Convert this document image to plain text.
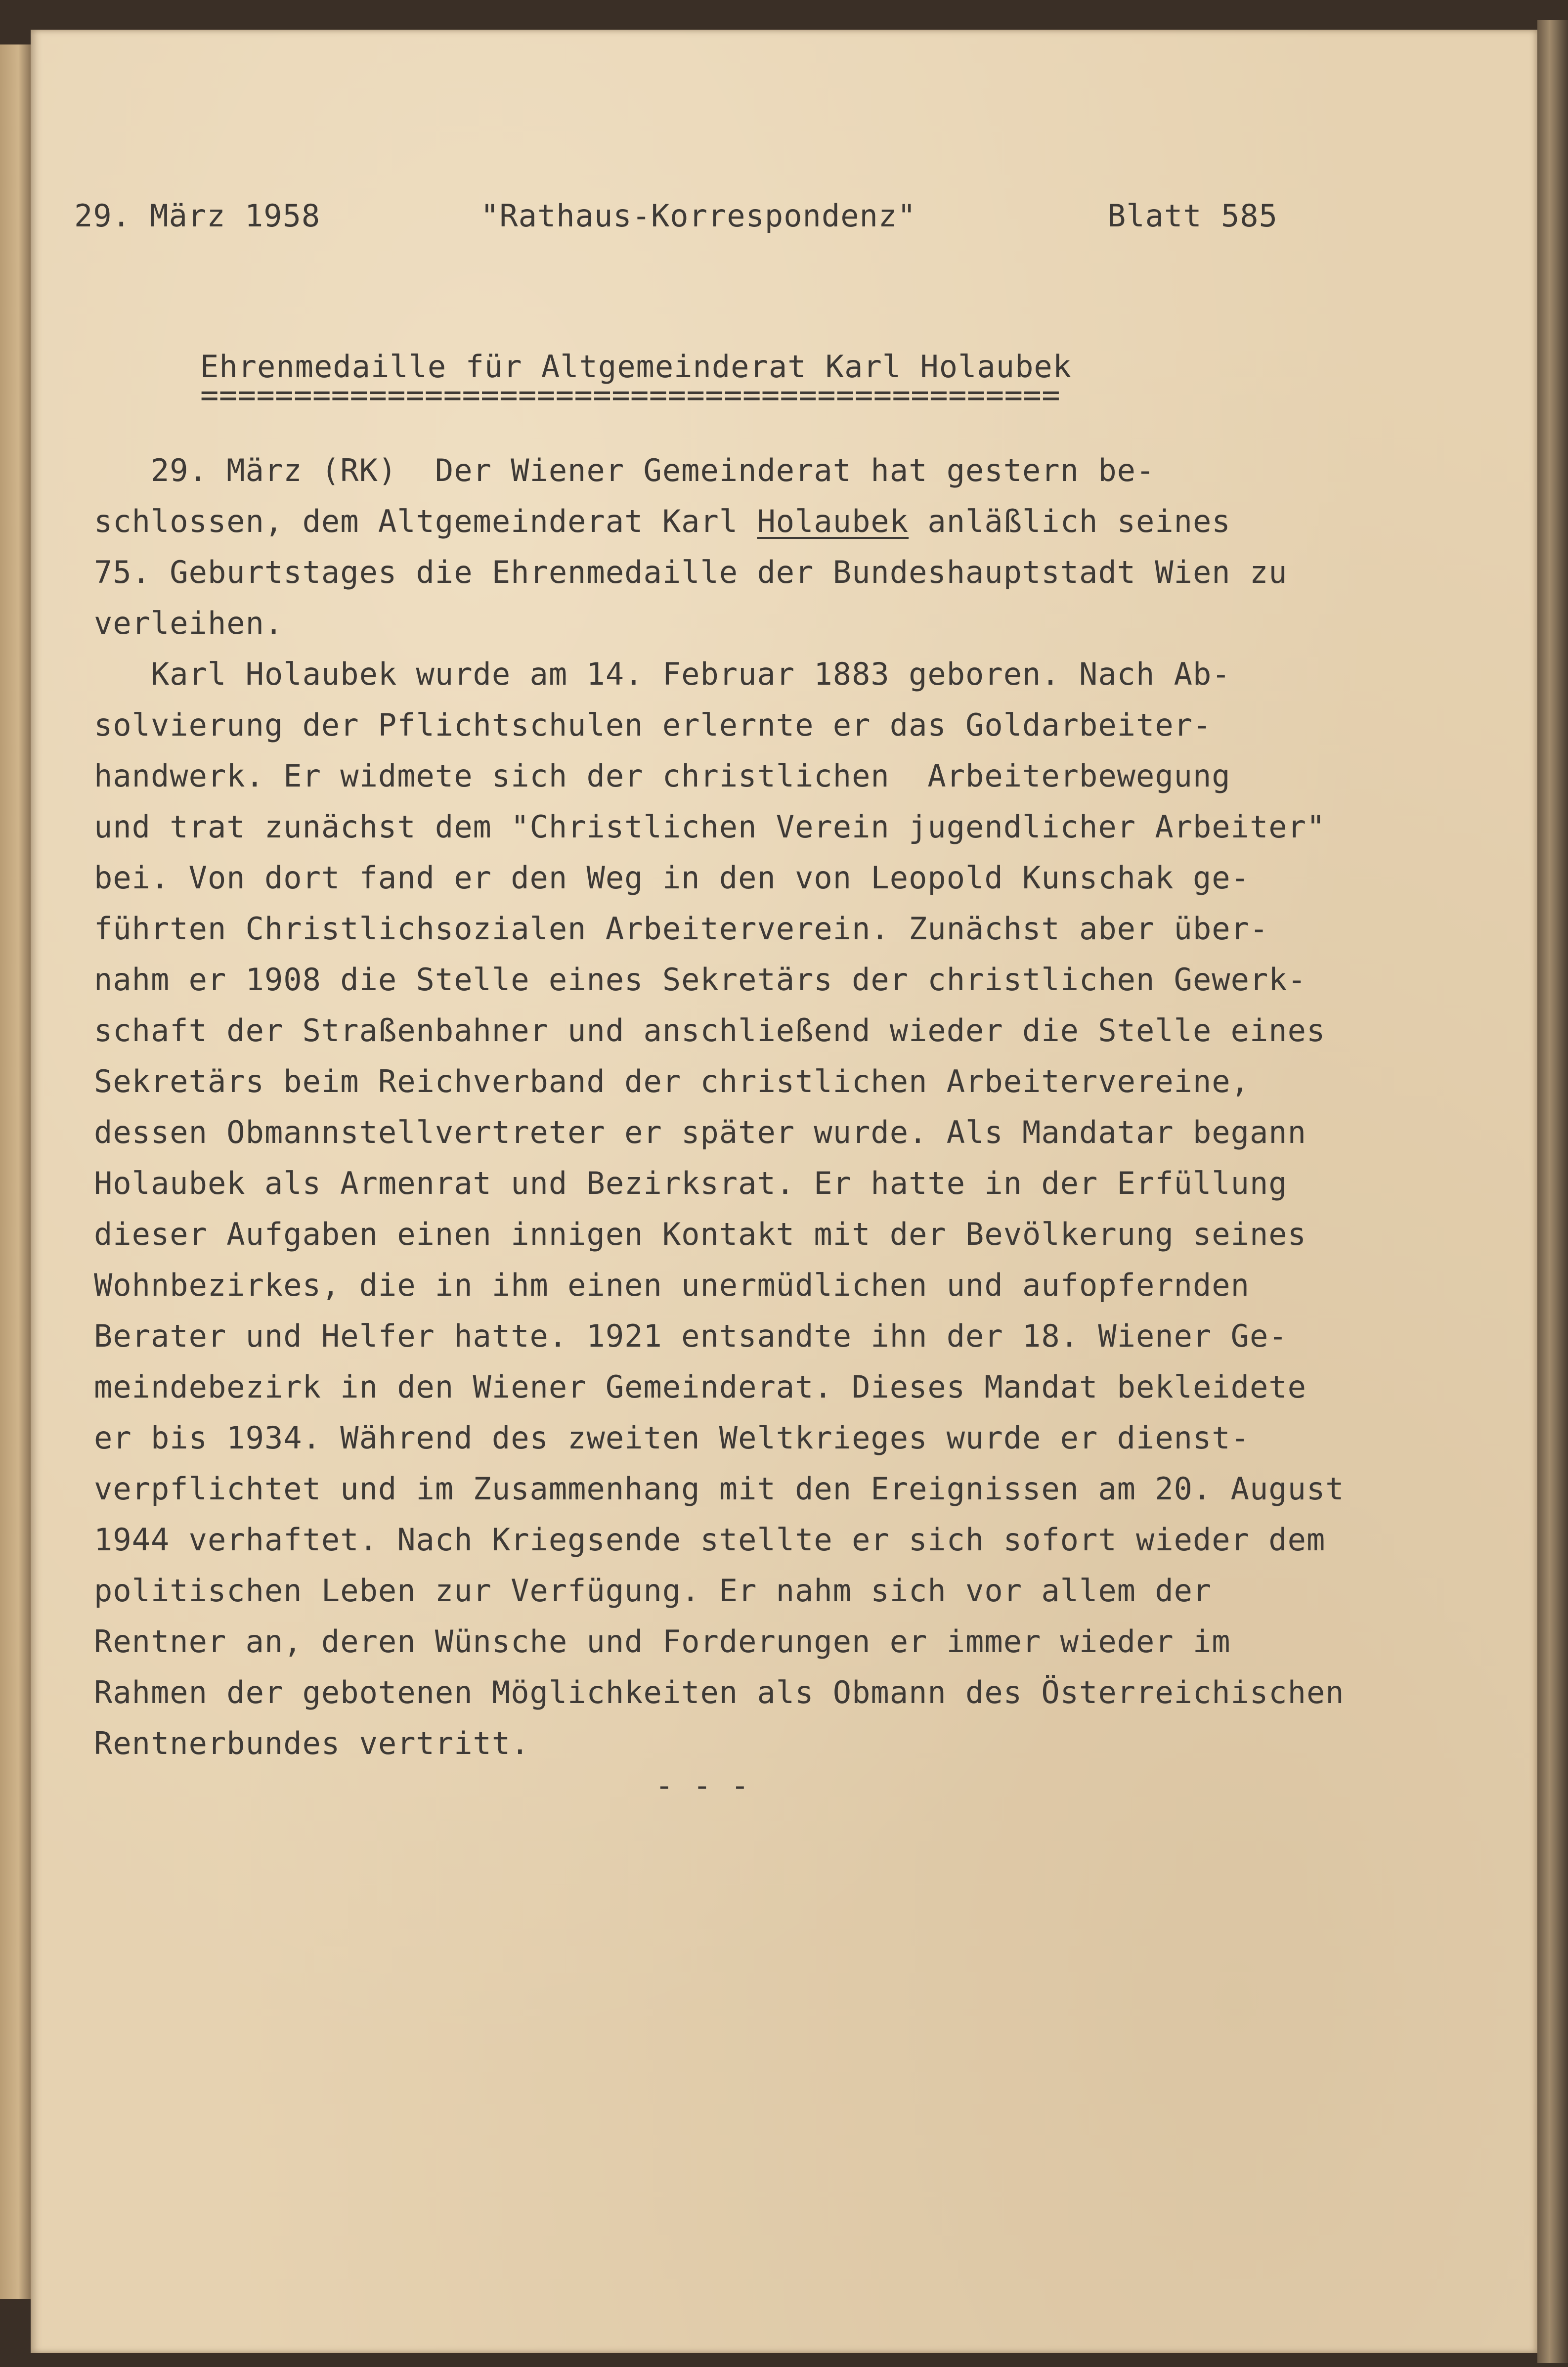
29. März 1958	"Rathaus-Korrespondenz"	Blatt 585
Ehrenmedaille für Altgemeinderat Karl Holaubek
==============================================
29. März (RK)  Der Wiener Gemeinderat hat gestern be-
schlossen, dem Altgemeinderat Karl Holaubek anläßlich seines
75. Geburtstages die Ehrenmedaille der Bundeshauptstadt Wien zu
verleihen.
Karl Holaubek wurde am 14. Februar 1883 geboren. Nach Ab-
solvierung der Pflichtschulen erlernte er das Goldarbeiter-
handwerk. Er widmete sich der christlichen  Arbeiterbewegung
und trat zunächst dem "Christlichen Verein jugendlicher Arbeiter"
bei. Von dort fand er den Weg in den von Leopold Kunschak ge-
führten Christlichsozialen Arbeiterverein. Zunächst aber über-
nahm er 1908 die Stelle eines Sekretärs der christlichen Gewerk-
schaft der Straßenbahner und anschließend wieder die Stelle eines
Sekretärs beim Reichverband der christlichen Arbeitervereine,
dessen Obmannstellvertreter er später wurde. Als Mandatar begann
Holaubek als Armenrat und Bezirksrat. Er hatte in der Erfüllung
dieser Aufgaben einen innigen Kontakt mit der Bevölkerung seines
Wohnbezirkes, die in ihm einen unermüdlichen und aufopfernden
Berater und Helfer hatte. 1921 entsandte ihn der 18. Wiener Ge-
meindebezirk in den Wiener Gemeinderat. Dieses Mandat bekleidete
er bis 1934. Während des zweiten Weltkrieges wurde er dienst-
verpflichtet und im Zusammenhang mit den Ereignissen am 20. August
1944 verhaftet. Nach Kriegsende stellte er sich sofort wieder dem
politischen Leben zur Verfügung. Er nahm sich vor allem der
Rentner an, deren Wünsche und Forderungen er immer wieder im
Rahmen der gebotenen Möglichkeiten als Obmann des Österreichischen
Rentnerbundes vertritt.
- - -
